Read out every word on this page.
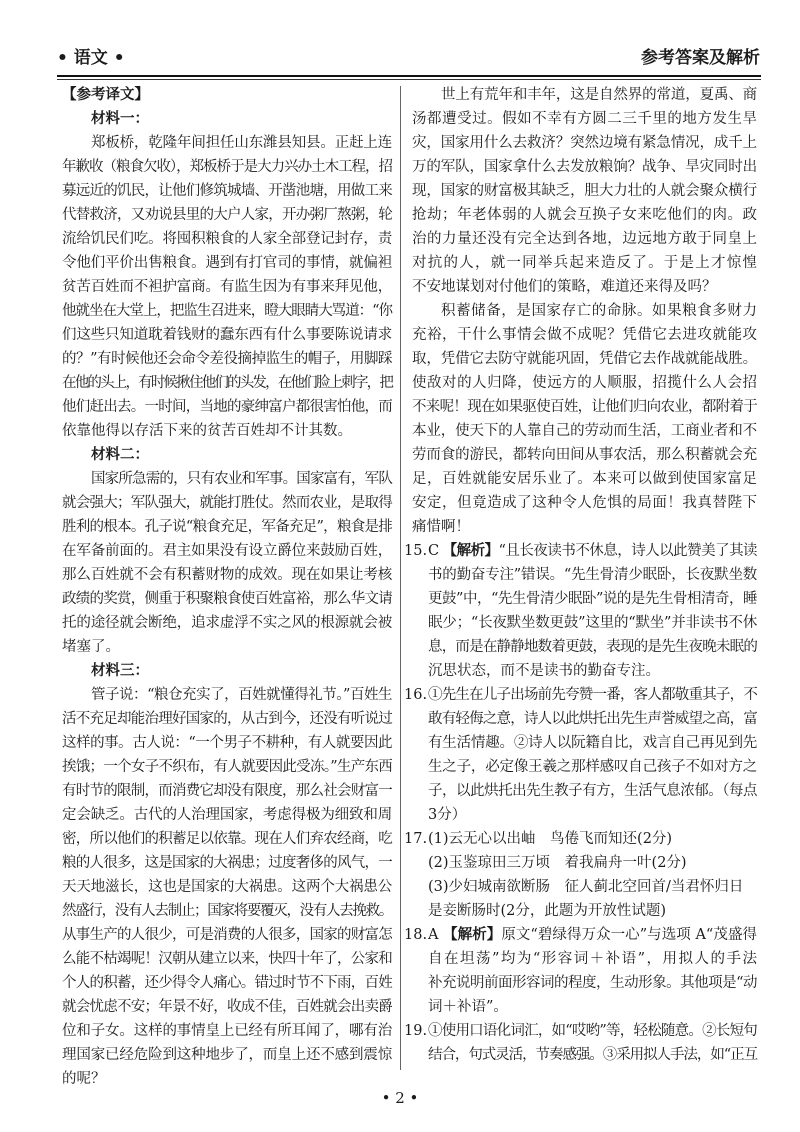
• 语文 •	参考答案及解析
【参考译文】
材料一：
郑板桥，乾隆年间担任山东潍县知县。正赶上连
年歉收（粮食欠收），郑板桥于是大力兴办土木工程，招
募远近的饥民，让他们修筑城墙、开凿池塘，用做工来
代替救济，又劝说县里的大户人家，开办粥厂熬粥，轮
流给饥民们吃。将囤积粮食的人家全部登记封存，责
令他们平价出售粮食。遇到有打官司的事情，就偏袒
贫苦百姓而不袒护富商。有监生因为有事来拜见他，
他就坐在大堂上，把监生召进来，瞪大眼睛大骂道：“你
们这些只知道耽着钱财的蠢东西有什么事要陈说请求
的？”有时候他还会命令差役摘掉监生的帽子，用脚踩
在他的头上，有时候揪住他们的头发，在他们脸上刺字，把
他们赶出去。一时间，当地的豪绅富户都很害怕他，而
依靠他得以存活下来的贫苦百姓却不计其数。
材料二：
国家所急需的，只有农业和军事。国家富有，军队
就会强大；军队强大，就能打胜仗。然而农业，是取得
胜利的根本。孔子说“粮食充足，军备充足”，粮食是排
在军备前面的。君主如果没有设立爵位来鼓励百姓，
那么百姓就不会有积蓄财物的成效。现在如果让考核
政绩的奖赏，侧重于积聚粮食使百姓富裕，那么华文请
托的途径就会断绝，追求虚浮不实之风的根源就会被
堵塞了。
材料三：
管子说：“粮仓充实了，百姓就懂得礼节。”百姓生
活不充足却能治理好国家的，从古到今，还没有听说过
这样的事。古人说：“一个男子不耕种，有人就要因此
挨饿；一个女子不织布，有人就要因此受冻。”生产东西
有时节的限制，而消费它却没有限度，那么社会财富一
定会缺乏。古代的人治理国家，考虑得极为细致和周
密，所以他们的积蓄足以依靠。现在人们弃农经商，吃
粮的人很多，这是国家的大祸患；过度奢侈的风气，一
天天地滋长，这也是国家的大祸患。这两个大祸患公
然盛行，没有人去制止；国家将要覆灭，没有人去挽救。
从事生产的人很少，可是消费的人很多，国家的财富怎
么能不枯竭呢！汉朝从建立以来，快四十年了，公家和
个人的积蓄，还少得令人痛心。错过时节不下雨，百姓
就会忧虑不安；年景不好，收成不佳，百姓就会出卖爵
位和子女。这样的事情皇上已经有所耳闻了，哪有治
理国家已经危险到这种地步了，而皇上还不感到震惊
的呢？
世上有荒年和丰年，这是自然界的常道，夏禹、商
汤都遭受过。假如不幸有方圆二三千里的地方发生旱
灾，国家用什么去救济？突然边境有紧急情况，成千上
万的军队，国家拿什么去发放粮饷？战争、旱灾同时出
现，国家的财富极其缺乏，胆大力壮的人就会聚众横行
抢劫；年老体弱的人就会互换子女来吃他们的肉。政
治的力量还没有完全达到各地，边远地方敢于同皇上
对抗的人，就一同举兵起来造反了。于是上才惊惶
不安地谋划对付他们的策略，难道还来得及吗？
积蓄储备，是国家存亡的命脉。如果粮食多财力
充裕，干什么事情会做不成呢？凭借它去进攻就能攻
取，凭借它去防守就能巩固，凭借它去作战就能战胜。
使敌对的人归降，使远方的人顺服，招揽什么人会招
不来呢！现在如果驱使百姓，让他们归向农业，都附着于
本业，使天下的人靠自己的劳动而生活，工商业者和不
劳而食的游民，都转向田间从事农活，那么积蓄就会充
足，百姓就能安居乐业了。本来可以做到使国家富足
安定，但竟造成了这种令人危惧的局面！我真替陛下
痛惜啊！
15. C 【解析】“且长夜读书不休息，诗人以此赞美了其读
书的勤奋专注”错误。“先生骨清少眠卧，长夜默坐数
更鼓”中，“先生骨清少眠卧”说的是先生骨相清奇，睡
眠少；“长夜默坐数更鼓”这里的“默坐”并非读书不休
息，而是在静静地数着更鼓，表现的是先生夜晚未眠的
沉思状态，而不是读书的勤奋专注。
16. ①先生在儿子出场前先夸赞一番，客人都敬重其子，不
敢有轻侮之意，诗人以此烘托出先生声誉威望之高，富
有生活情趣。②诗人以阮籍自比，戏言自己再见到先
生之子，必定像王羲之那样感叹自己孩子不如对方之
子，以此烘托出先生教子有方，生活气息浓郁。（每点
3分）
17. (1)云无心以出岫　鸟倦飞而知还(2分)
(2)玉鉴琼田三万顷　着我扁舟一叶(2分)
(3)少妇城南欲断肠　征人蓟北空回首/当君怀归日
是妾断肠时(2分，此题为开放性试题)
18. A 【解析】原文“碧绿得万众一心”与选项 A“茂盛得
自在坦荡”均为“形容词＋补语”，用拟人的手法
补充说明前面形容词的程度，生动形象。其他项是“动
词＋补语”。
19. ①使用口语化词汇，如“哎哟”等，轻松随意。②长短句
结合，句式灵活，节奏感强。③采用拟人手法，如“正互
• 2 •
